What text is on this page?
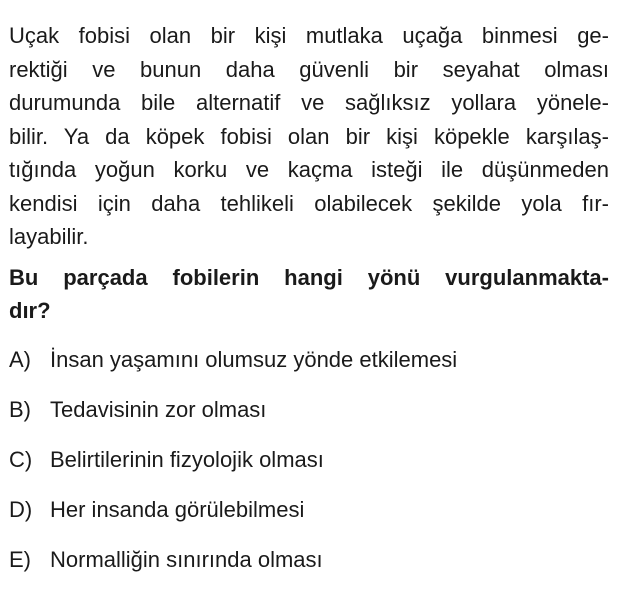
Uçak fobisi olan bir kişi mutlaka uçağa binmesi ge-
rektiği ve bunun daha güvenli bir seyahat olması
durumunda bile alternatif ve sağlıksız yollara yönele-
bilir. Ya da köpek fobisi olan bir kişi köpekle karşılaş-
tığında yoğun korku ve kaçma isteği ile düşünmeden
kendisi için daha tehlikeli olabilecek şekilde yola fır-
layabilir.

Bu parçada fobilerin hangi yönü vurgulanmakta-
dır?

A) İnsan yaşamını olumsuz yönde etkilemesi
B) Tedavisinin zor olması
C) Belirtilerinin fizyolojik olması
D) Her insanda görülebilmesi
E) Normalliğin sınırında olması
